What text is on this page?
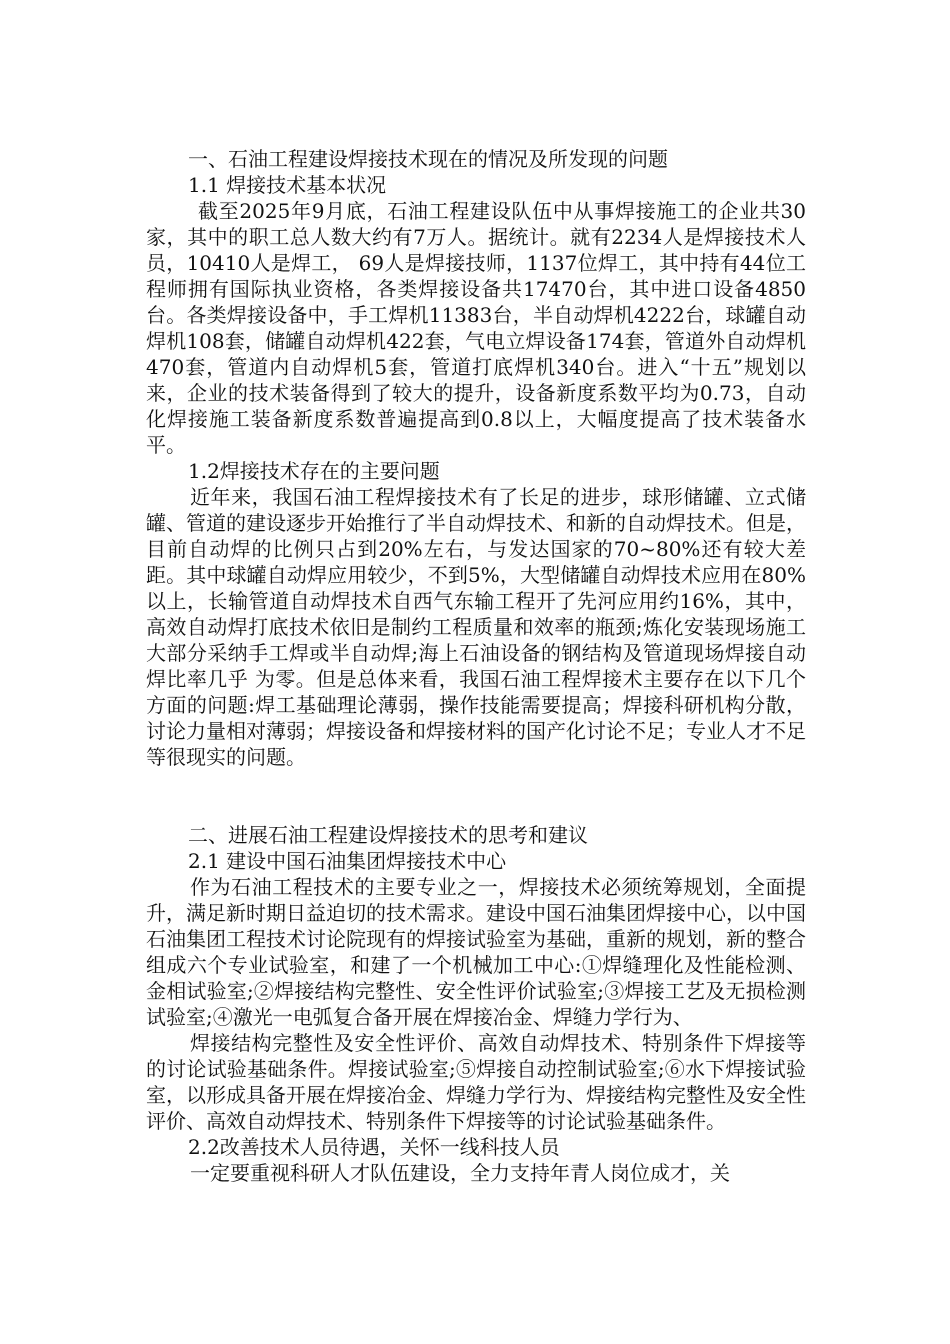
一、石油工程建设焊接技术现在的情况及所发现的问题
1.1 焊接技术基本状况

截至2025年9月底，石油工程建设队伍中从事焊接施工的企业共30家，其中的职工总人数大约有7万人。据统计。就有2234人是焊接技术人员，10410人是焊工， 69人是焊接技师，1137位焊工，其中持有44位工程师拥有国际执业资格，各类焊接设备共17470台，其中进口设备4850台。各类焊接设备中，手工焊机11383台，半自动焊机4222台，球罐自动焊机108套，储罐自动焊机422套，气电立焊设备174套，管道外自动焊机470套，管道内自动焊机5套，管道打底焊机340台。进入“十五”规划以来，企业的技术装备得到了较大的提升，设备新度系数平均为0.73，自动化焊接施工装备新度系数普遍提高到0.8以上，大幅度提高了技术装备水平。

1.2焊接技术存在的主要问题

近年来，我国石油工程焊接技术有了长足的进步，球形储罐、立式储罐、管道的建设逐步开始推行了半自动焊技术、和新的自动焊技术。但是，目前自动焊的比例只占到20%左右，与发达国家的70~80%还有较大差距。其中球罐自动焊应用较少，不到5%，大型储罐自动焊技术应用在80%以上，长输管道自动焊技术自西气东输工程开了先河应用约16%，其中，高效自动焊打底技术依旧是制约工程质量和效率的瓶颈;炼化安装现场施工大部分采纳手工焊或半自动焊;海上石油设备的钢结构及管道现场焊接自动焊比率几乎 为零。但是总体来看，我国石油工程焊接术主要存在以下几个方面的问题:焊工基础理论薄弱，操作技能需要提高；焊接科研机构分散，讨论力量相对薄弱；焊接设备和焊接材料的国产化讨论不足；专业人才不足等很现实的问题。

二、进展石油工程建设焊接技术的思考和建议
2.1 建设中国石油集团焊接技术中心

作为石油工程技术的主要专业之一，焊接技术必须统筹规划，全面提升，满足新时期日益迫切的技术需求。建设中国石油集团焊接中心，以中国石油集团工程技术讨论院现有的焊接试验室为基础，重新的规划，新的整合组成六个专业试验室，和建了一个机械加工中心:①焊缝理化及性能检测、金相试验室;②焊接结构完整性、安全性评价试验室;③焊接工艺及无损检测试验室;④激光一电弧复合备开展在焊接冶金、焊缝力学行为、

焊接结构完整性及安全性评价、高效自动焊技术、特别条件下焊接等的讨论试验基础条件。焊接试验室;⑤焊接自动控制试验室;⑥水下焊接试验室，以形成具备开展在焊接冶金、焊缝力学行为、焊接结构完整性及安全性评价、高效自动焊技术、特别条件下焊接等的讨论试验基础条件。

2.2改善技术人员待遇，关怀一线科技人员

一定要重视科研人才队伍建设，全力支持年青人岗位成才，关
